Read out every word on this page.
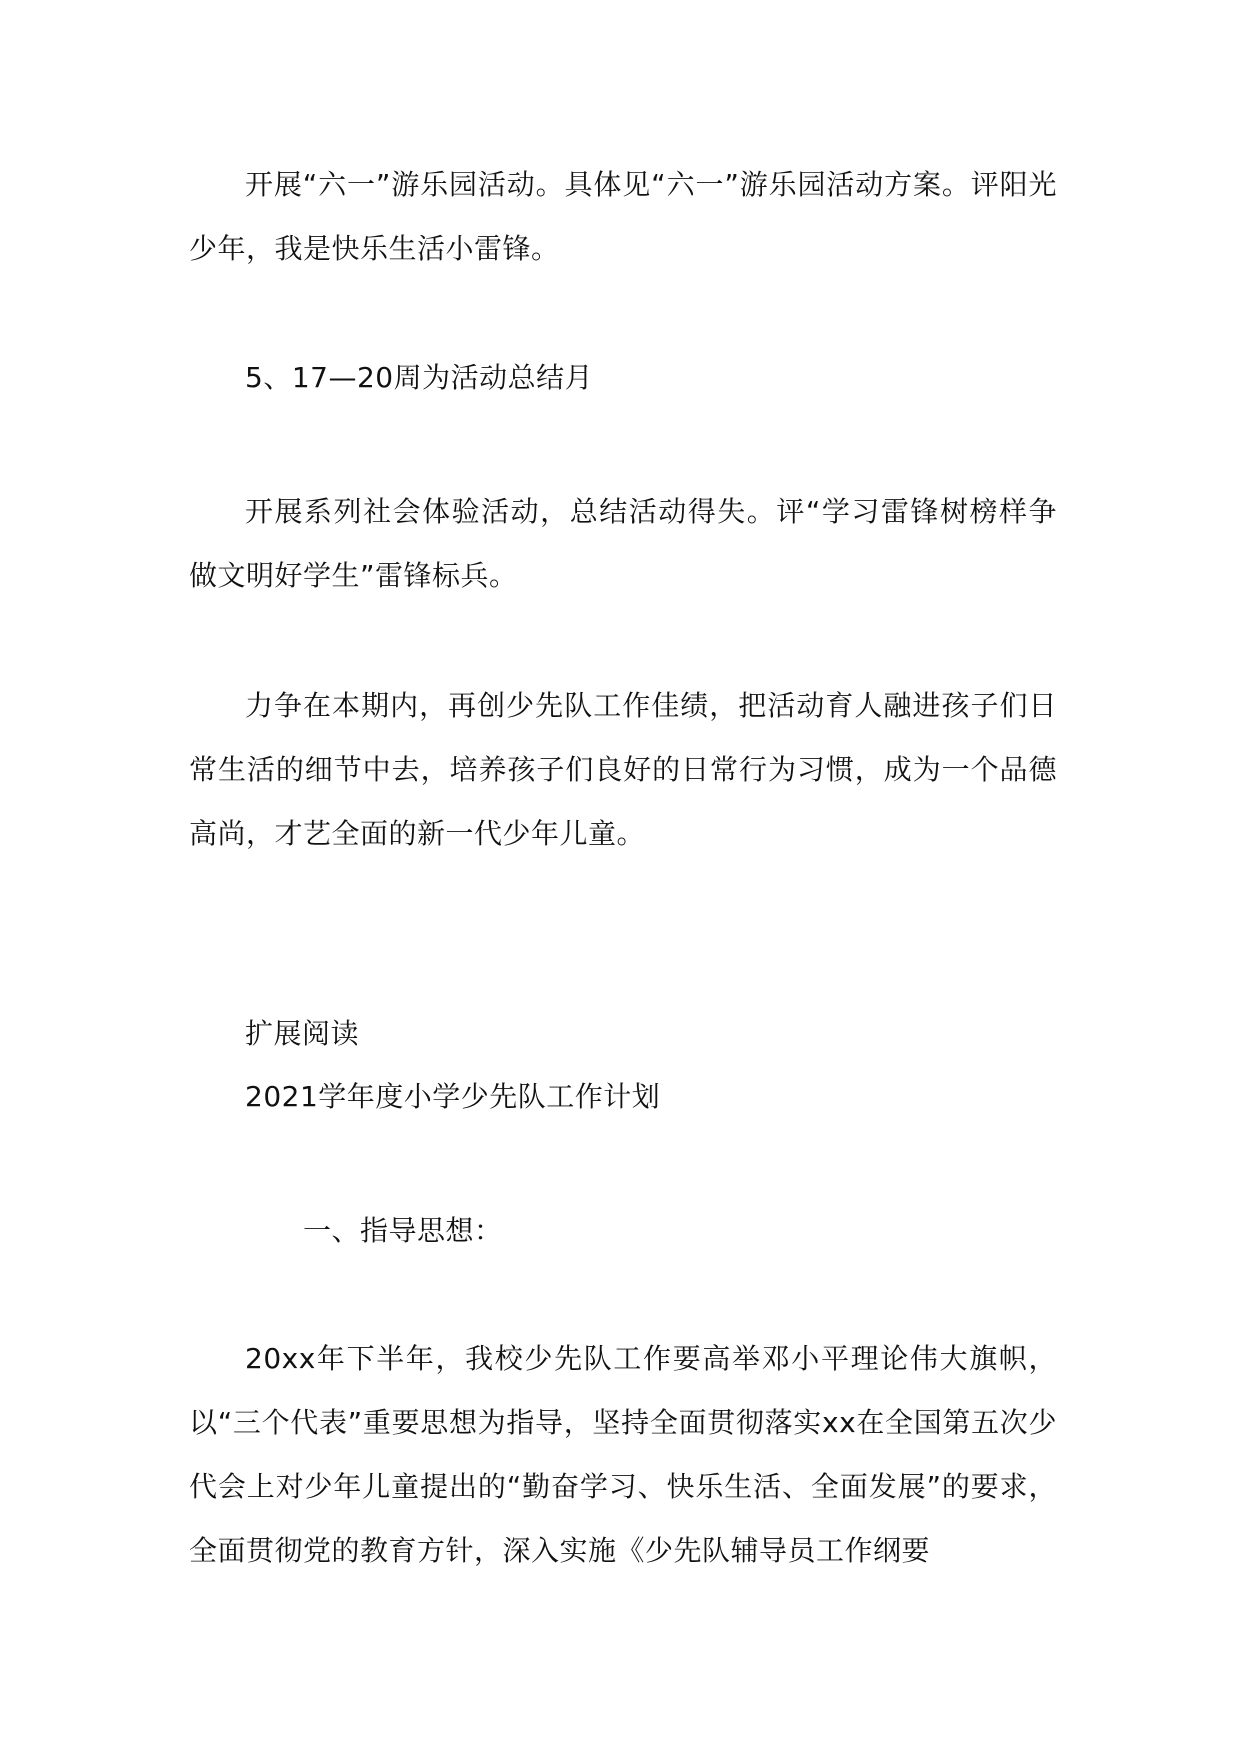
开展“六一”游乐园活动。具体见“六一”游乐园活动方案。评阳光少年，我是快乐生活小雷锋。

5、17—20周为活动总结月

开展系列社会体验活动，总结活动得失。评“学习雷锋树榜样争做文明好学生”雷锋标兵。

力争在本期内，再创少先队工作佳绩，把活动育人融进孩子们日常生活的细节中去，培养孩子们良好的日常行为习惯，成为一个品德高尚，才艺全面的新一代少年儿童。

扩展阅读
2021学年度小学少先队工作计划
一、指导思想：

20xx年下半年，我校少先队工作要高举邓小平理论伟大旗帜，以“三个代表”重要思想为指导，坚持全面贯彻落实xx在全国第五次少代会上对少年儿童提出的“勤奋学习、快乐生活、全面发展”的要求，全面贯彻党的教育方针，深入实施《少先队辅导员工作纲要
